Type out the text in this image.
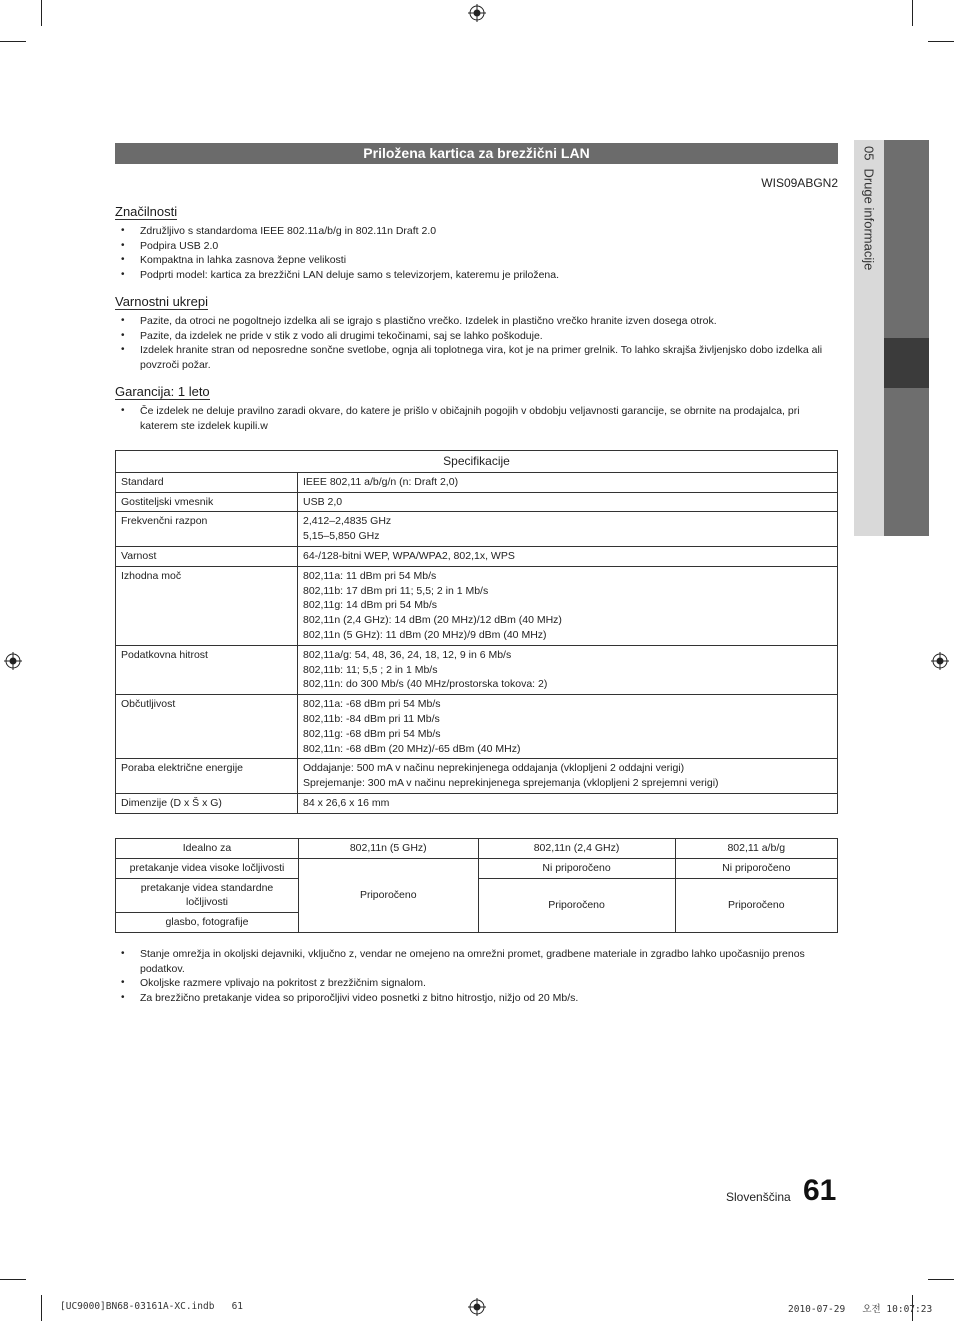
05Druge informacije
Priložena kartica za brezžični LAN
WIS09ABGN2
Značilnosti
• Združljivo s standardoma IEEE 802.11a/b/g in 802.11n Draft 2.0
• Podpira USB 2.0
• Kompaktna in lahka zasnova žepne velikosti
• Podprti model: kartica za brezžični LAN deluje samo s televizorjem, kateremu je priložena.
Varnostni ukrepi
• Pazite, da otroci ne pogoltnejo izdelka ali se igrajo s plastično vrečko. Izdelek in plastično vrečko hranite izven dosega otrok.
• Pazite, da izdelek ne pride v stik z vodo ali drugimi tekočinami, saj se lahko poškoduje.
• Izdelek hranite stran od neposredne sončne svetlobe, ognja ali toplotnega vira, kot je na primer grelnik. To lahko skrajša življenjsko dobo izdelka ali povzroči požar.
Garancija: 1 leto
• Če izdelek ne deluje pravilno zaradi okvare, do katere je prišlo v običajnih pogojih v obdobju veljavnosti garancije, se obrnite na prodajalca, pri katerem ste izdelek kupili.w
Specifikacije	
Standard	IEEE 802,11 a/b/g/n (n: Draft 2,0)
Gostiteljski vmesnik	USB 2,0
Frekvenčni razpon	2,412–2,4835 GHz
5,15–5,850 GHz
Varnost	64-/128-bitni WEP, WPA/WPA2, 802,1x, WPS
Izhodna moč	802,11a: 11 dBm pri 54 Mb/s
802,11b: 17 dBm pri 11; 5,5; 2 in 1 Mb/s
802,11g: 14 dBm pri 54 Mb/s
802,11n (2,4 GHz): 14 dBm (20 MHz)/12 dBm (40 MHz)
802,11n (5 GHz): 11 dBm (20 MHz)/9 dBm (40 MHz)
Podatkovna hitrost	802,11a/g: 54, 48, 36, 24, 18, 12, 9 in 6 Mb/s
802,11b: 11; 5,5 ; 2 in 1 Mb/s
802,11n: do 300 Mb/s (40 MHz/prostorska tokova: 2)
Občutljivost	802,11a: -68 dBm pri 54 Mb/s
802,11b: -84 dBm pri 11 Mb/s
802,11g: -68 dBm pri 54 Mb/s
802,11n: -68 dBm (20 MHz)/-65 dBm (40 MHz)
Poraba električne energije	Oddajanje: 500 mA v načinu neprekinjenega oddajanja (vklopljeni 2 oddajni verigi)
Sprejemanje: 300 mA v načinu neprekinjenega sprejemanja (vklopljeni 2 sprejemni verigi)
Dimenzije (D x Š x G)	84 x 26,6 x 16 mm
Idealno za	802,11n (5 GHz)	802,11n (2,4 GHz)	802,11 a/b/g
pretakanje videa visoke ločljivosti	Priporočeno	Ni priporočeno	Ni priporočeno
pretakanje videa standardne ločljivosti		Priporočeno	Priporočeno
glasbo, fotografije			
• Stanje omrežja in okoljski dejavniki, vključno z, vendar ne omejeno na omrežni promet, gradbene materiale in zgradbo lahko upočasnijo prenos podatkov.
• Okoljske razmere vplivajo na pokritost z brezžičnim signalom.
• Za brezžično pretakanje videa so priporočljivi video posnetki z bitno hitrostjo, nižjo od 20 Mb/s.
Slovenščina 61
[UC9000]BN68-03161A-XC.indb   61	2010-07-29   오전 10:07:23
